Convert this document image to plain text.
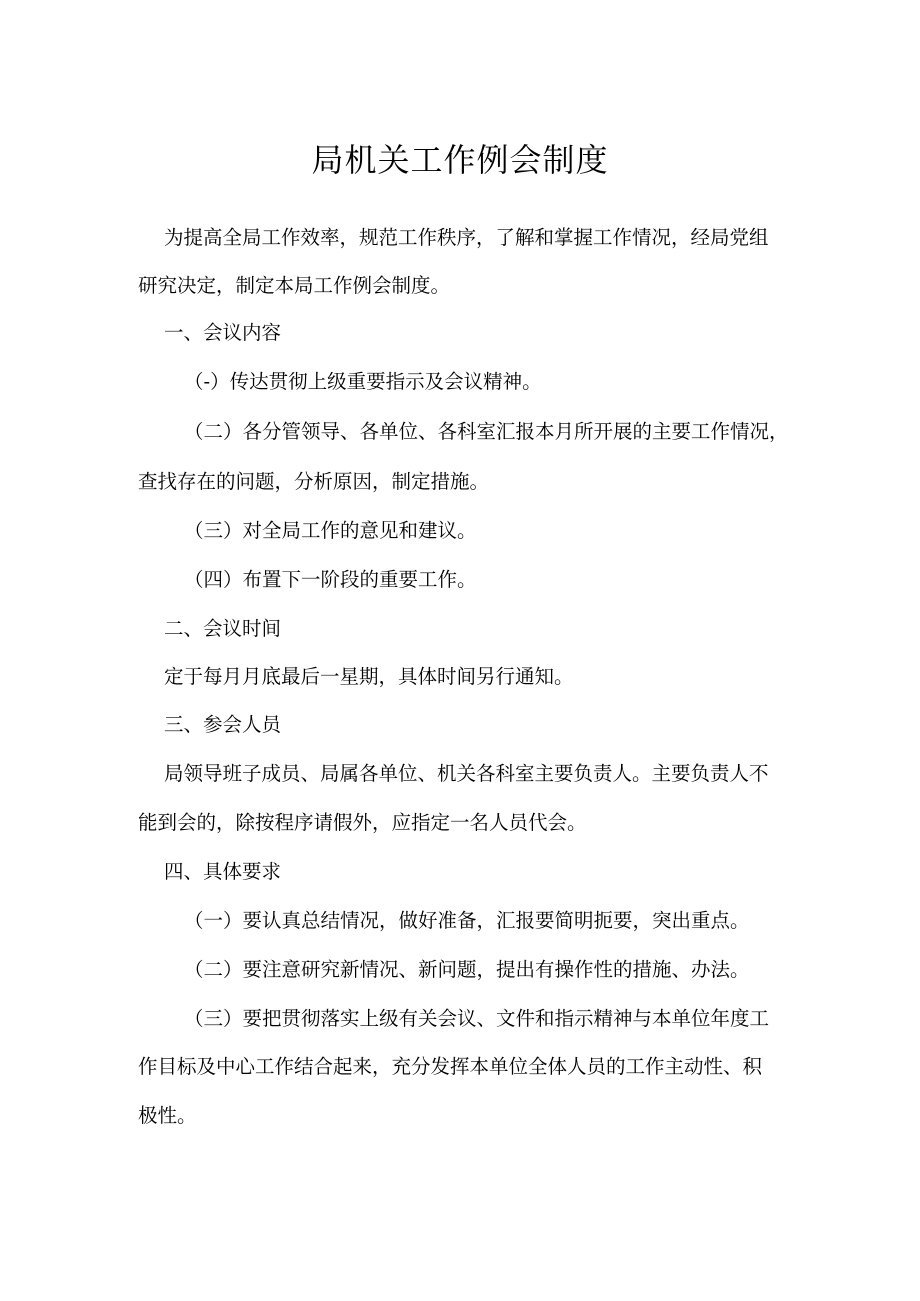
局机关工作例会制度

为提高全局工作效率，规范工作秩序，了解和掌握工作情况，经局党组

研究决定，制定本局工作例会制度。

一、会议内容

（-）传达贯彻上级重要指示及会议精神。

（二）各分管领导、各单位、各科室汇报本月所开展的主要工作情况，

查找存在的问题，分析原因，制定措施。

（三）对全局工作的意见和建议。

（四）布置下一阶段的重要工作。

二、会议时间

定于每月月底最后一星期，具体时间另行通知。

三、参会人员

局领导班子成员、局属各单位、机关各科室主要负责人。主要负责人不

能到会的，除按程序请假外，应指定一名人员代会。

四、具体要求

（一）要认真总结情况，做好准备，汇报要简明扼要，突出重点。

（二）要注意研究新情况、新问题，提出有操作性的措施、办法。

（三）要把贯彻落实上级有关会议、文件和指示精神与本单位年度工

作目标及中心工作结合起来，充分发挥本单位全体人员的工作主动性、积

极性。
